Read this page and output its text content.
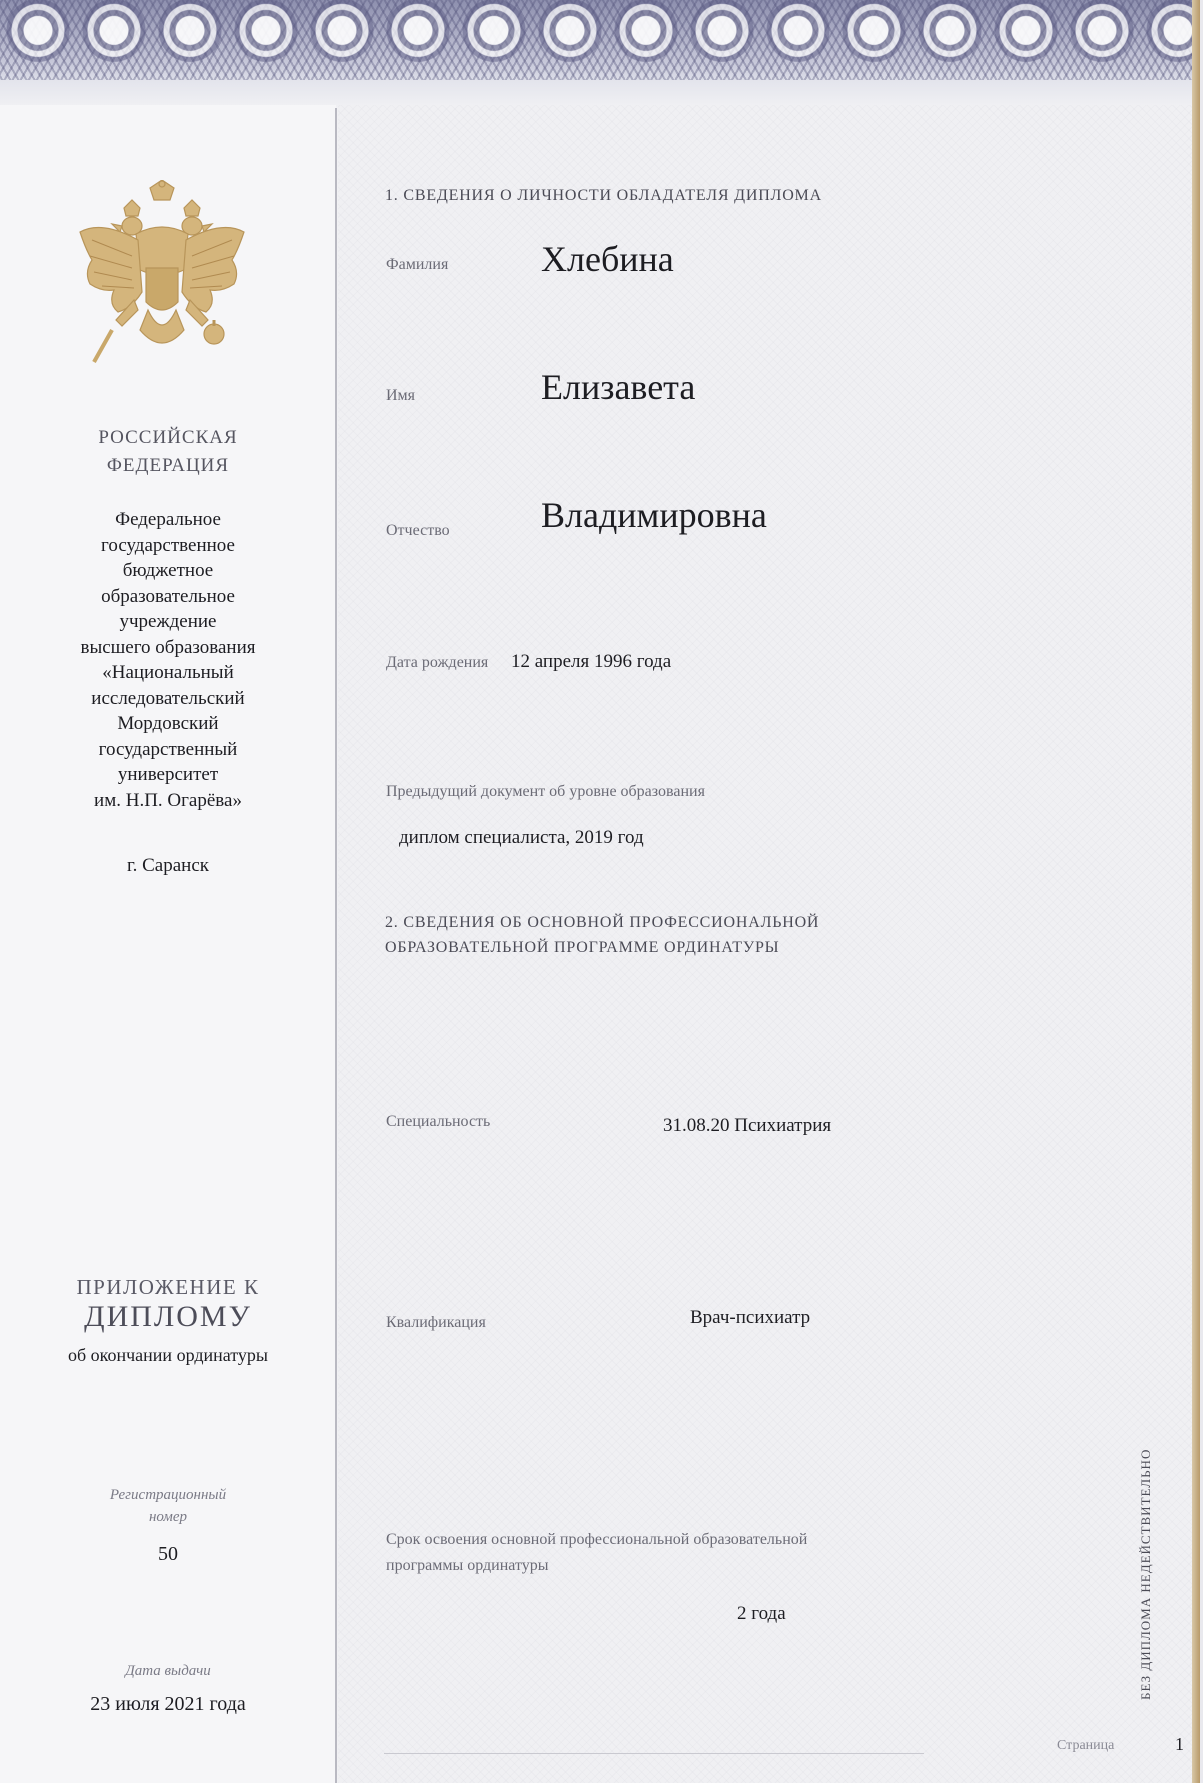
РОССИЙСКАЯ
ФЕДЕРАЦИЯ
Федеральное
государственное
бюджетное
образовательное
учреждение
высшего образования
«Национальный
исследовательский
Мордовский
государственный
университет
им. Н.П. Огарёва»
г. Саранск
ПРИЛОЖЕНИЕ К
ДИПЛОМУ
об окончании ординатуры
Регистрационный
номер
50
Дата выдачи
23 июля 2021 года
1. СВЕДЕНИЯ О ЛИЧНОСТИ ОБЛАДАТЕЛЯ ДИПЛОМА
Фамилия	Хлебина
Имя	Елизавета
Отчество	Владимировна
Дата рождения 12 апреля 1996 года
Предыдущий документ об уровне образования
диплом специалиста, 2019 год
2. СВЕДЕНИЯ ОБ ОСНОВНОЙ ПРОФЕССИОНАЛЬНОЙ
ОБРАЗОВАТЕЛЬНОЙ ПРОГРАММЕ ОРДИНАТУРЫ
Специальность	31.08.20 Психиатрия
Квалификация	Врач-психиатр
Срок освоения основной профессиональной образовательной
программы ординатуры
2 года
Страница	1
БЕЗ ДИПЛОМА НЕДЕЙСТВИТЕЛЬНО
